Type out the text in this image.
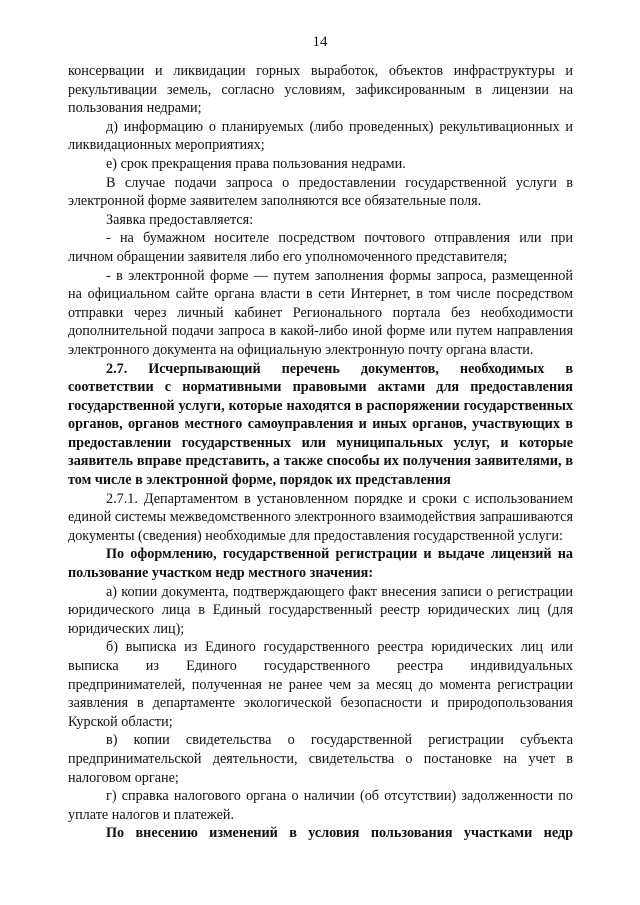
14

консервации и ликвидации горных выработок, объектов инфраструктуры и рекультивации земель, согласно условиям, зафиксированным в лицензии на пользования недрами;

д) информацию о планируемых (либо проведенных) рекультивационных и ликвидационных мероприятиях;

е) срок прекращения права пользования недрами.

В случае подачи запроса о предоставлении государственной услуги в электронной форме заявителем заполняются все обязательные поля.

Заявка предоставляется:

- на бумажном носителе посредством почтового отправления или при личном обращении заявителя либо его уполномоченного представителя;

- в электронной форме — путем заполнения формы запроса, размещенной на официальном сайте органа власти в сети Интернет, в том числе посредством отправки через личный кабинет Регионального портала без необходимости дополнительной подачи запроса в какой-либо иной форме или путем направления электронного документа на официальную электронную почту органа власти.

2.7. Исчерпывающий перечень документов, необходимых в соответствии с нормативными правовыми актами для предоставления государственной услуги, которые находятся в распоряжении государственных органов, органов местного самоуправления и иных органов, участвующих в предоставлении государственных или муниципальных услуг, и которые заявитель вправе представить, а также способы их получения заявителями, в том числе в электронной форме, порядок их представления

2.7.1. Департаментом в установленном порядке и сроки с использованием единой системы межведомственного электронного взаимодействия запрашиваются документы (сведения) необходимые для предоставления государственной услуги:

По оформлению, государственной регистрации и выдаче лицензий на пользование участком недр местного значения:

а) копии документа, подтверждающего факт внесения записи о регистрации юридического лица в Единый государственный реестр юридических лиц (для юридических лиц);

б) выписка из Единого государственного реестра юридических лиц или выписка из Единого государственного реестра индивидуальных предпринимателей, полученная не ранее чем за месяц до момента регистрации заявления в департаменте экологической безопасности и природопользования Курской области;

в) копии свидетельства о государственной регистрации субъекта предпринимательской деятельности, свидетельства о постановке на учет в налоговом органе;

г) справка налогового органа о наличии (об отсутствии) задолженности по уплате налогов и платежей.

По внесению изменений в условия пользования участками недр
